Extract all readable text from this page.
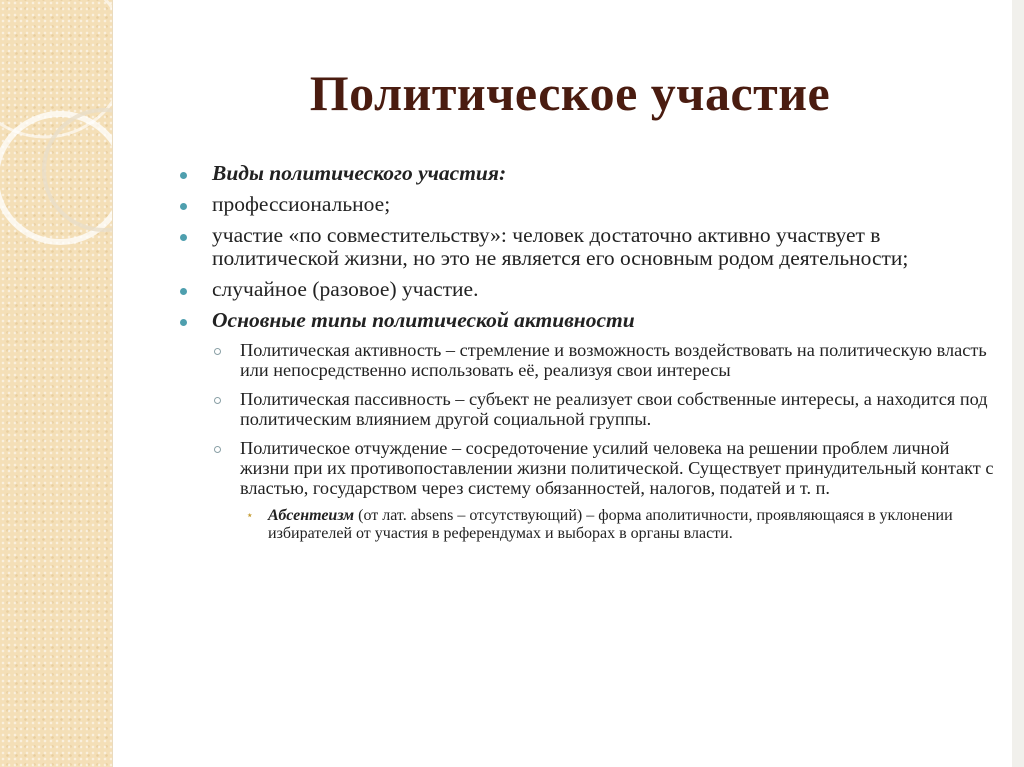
Политическое участие
Виды политического участия:
профессиональное;
участие «по совместительству»: человек достаточно активно участвует в политической жизни, но это не является его основным родом деятельности;
случайное (разовое) участие.
Основные типы политической активности
Политическая активность – стремление и возможность воздействовать на политическую власть или непосредственно использовать её, реализуя свои интересы
Политическая пассивность – субъект не реализует свои собственные интересы, а находится под политическим влиянием другой социальной группы.
Политическое отчуждение – сосредоточение усилий человека на решении проблем личной жизни при их противопоставлении жизни политической. Существует принудительный контакт с властью, государством через систему обязанностей, налогов, податей и т. п.
⋆ Абсентеизм (от лат. absens – отсутствующий) – форма аполитичности, проявляющаяся в уклонении избирателей от участия в референдумах и выборах в органы власти.
